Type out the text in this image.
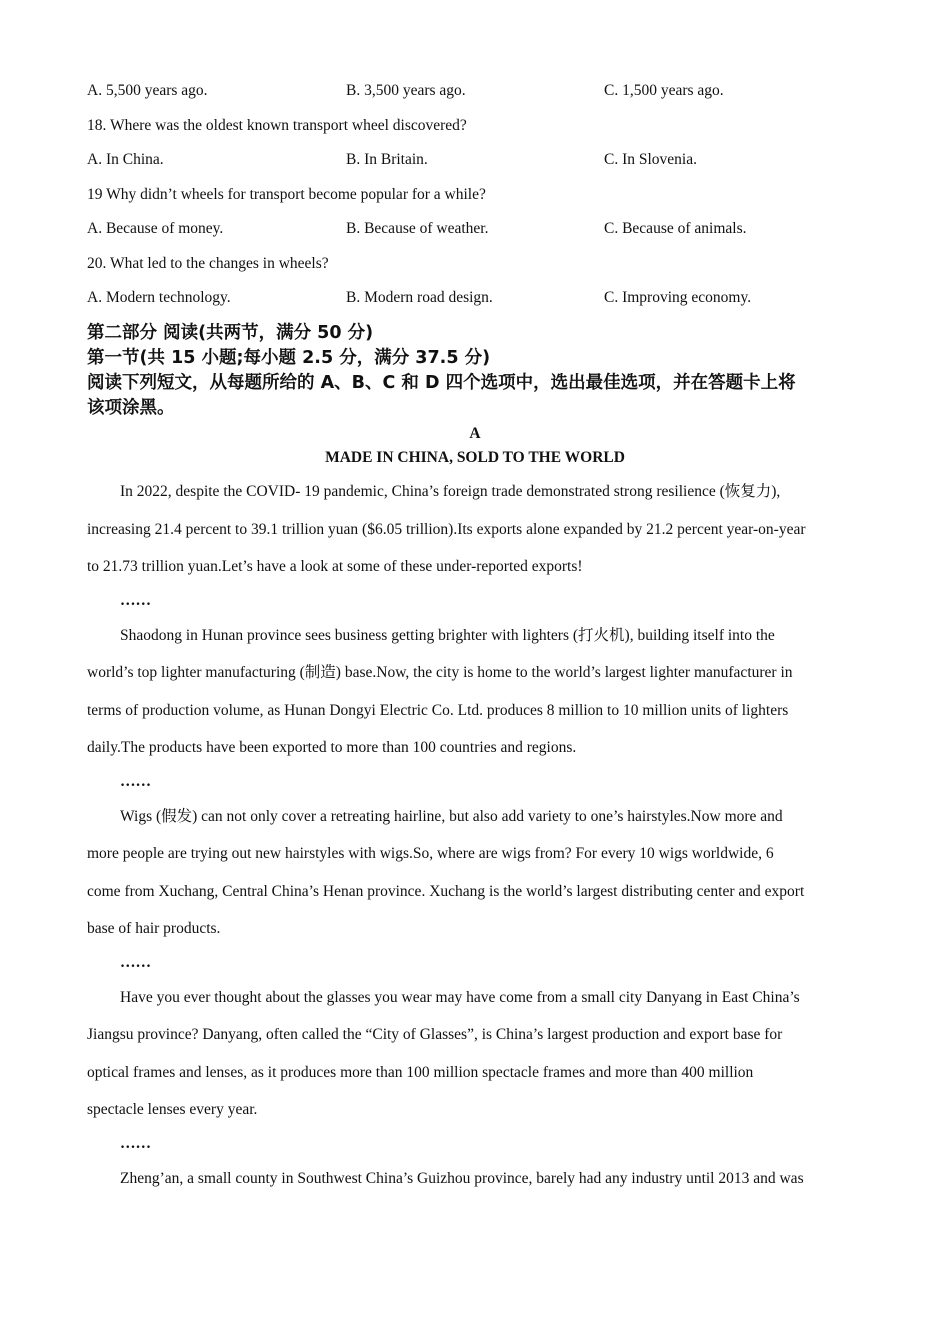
A. 5,500 years ago.	B. 3,500 years ago.	C. 1,500 years ago.
18. Where was the oldest known transport wheel discovered?
A. In China.	B. In Britain.	C. In Slovenia.
19 Why didn’t wheels for transport become popular for a while?
A. Because of money.	B. Because of weather.	C. Because of animals.
20. What led to the changes in wheels?
A. Modern technology.	B. Modern road design.	C. Improving economy.
第二部分 阅读(共两节，满分 50 分)
第一节(共 15 小题;每小题 2.5 分，满分 37.5 分)
阅读下列短文，从每题所给的 A、B、C 和 D 四个选项中，选出最佳选项，并在答题卡上将
该项涂黑。
A
MADE IN CHINA, SOLD TO THE WORLD
In 2022, despite the COVID- 19 pandemic, China’s foreign trade demonstrated strong resilience (恢复力),
increasing 21.4 percent to 39.1 trillion yuan ($6.05 trillion).Its exports alone expanded by 21.2 percent year-on-year
to 21.73 trillion yuan.Let’s have a look at some of these under-reported exports!
……
Shaodong in Hunan province sees business getting brighter with lighters (打火机), building itself into the
world’s top lighter manufacturing (制造) base.Now, the city is home to the world’s largest lighter manufacturer in
terms of production volume, as Hunan Dongyi Electric Co. Ltd. produces 8 million to 10 million units of lighters
daily.The products have been exported to more than 100 countries and regions.
……
Wigs (假发) can not only cover a retreating hairline, but also add variety to one’s hairstyles.Now more and
more people are trying out new hairstyles with wigs.So, where are wigs from? For every 10 wigs worldwide, 6
come from Xuchang, Central China’s Henan province. Xuchang is the world’s largest distributing center and export
base of hair products.
……
Have you ever thought about the glasses you wear may have come from a small city Danyang in East China’s
Jiangsu province? Danyang, often called the “City of Glasses”, is China’s largest production and export base for
optical frames and lenses, as it produces more than 100 million spectacle frames and more than 400 million
spectacle lenses every year.
……
Zheng’an, a small county in Southwest China’s Guizhou province, barely had any industry until 2013 and was
